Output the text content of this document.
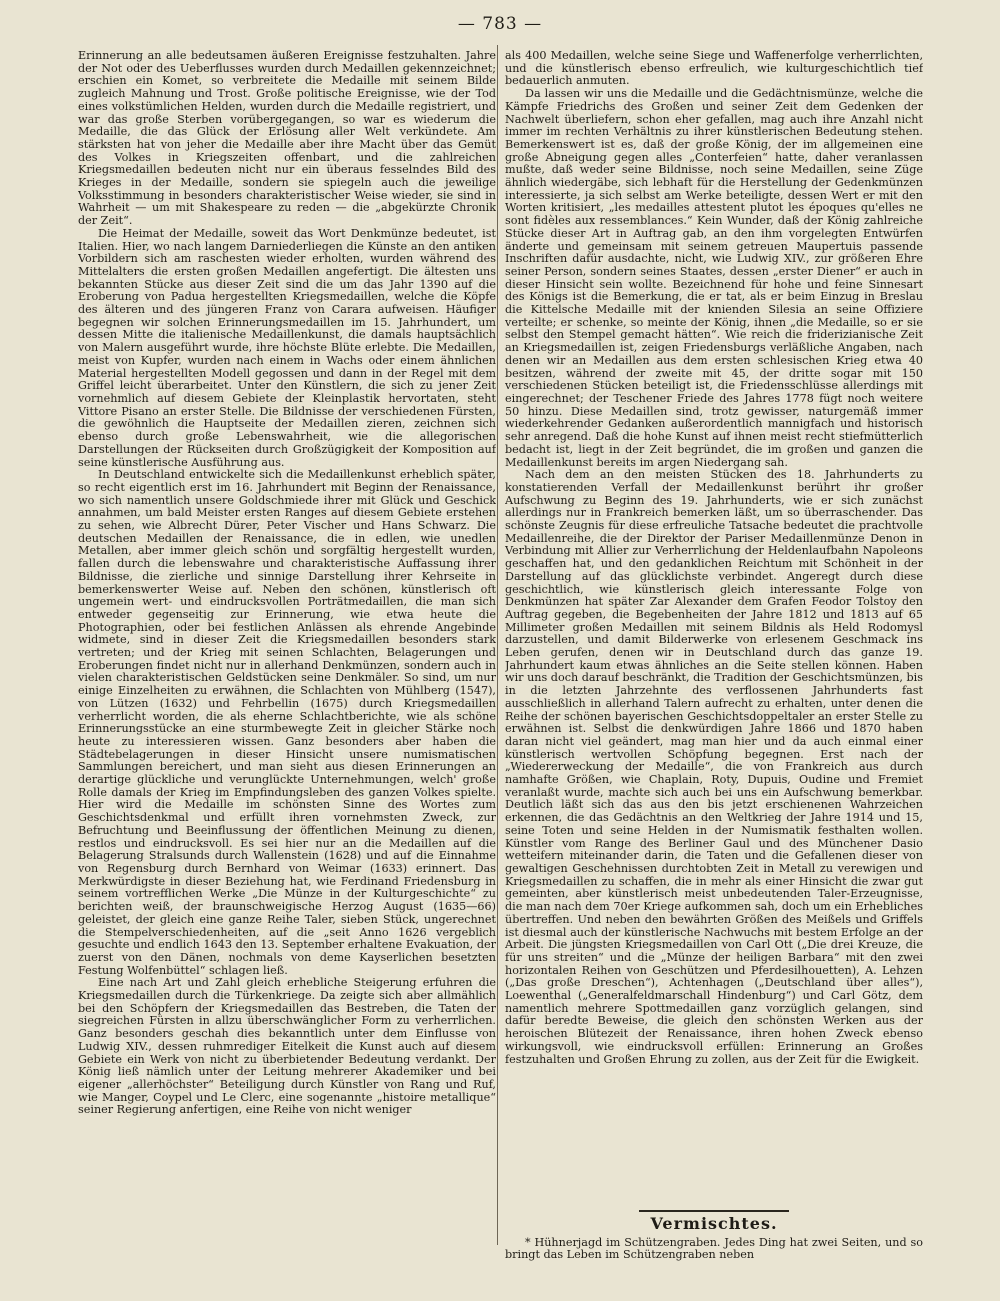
— 783 —

Erinnerung an alle bedeutsamen äußeren Ereignisse festzuhalten. Jahre der Not oder des Ueberflusses wurden durch Medaillen gekennzeichnet; erschien ein Komet, so verbreitete die Medaille mit seinem Bilde zugleich Mahnung und Trost. Große politische Ereignisse, wie der Tod eines volkstümlichen Helden, wurden durch die Medaille registriert, und war das große Sterben vorübergegangen, so war es wiederum die Medaille, die das Glück der Erlösung aller Welt verkündete. Am stärksten hat von jeher die Medaille aber ihre Macht über das Gemüt des Volkes in Kriegszeiten offenbart, und die zahlreichen Kriegsmedaillen bedeuten nicht nur ein überaus fesselndes Bild des Krieges in der Medaille, sondern sie spiegeln auch die jeweilige Volksstimmung in besonders charakteristischer Weise wieder, sie sind in Wahrheit — um mit Shakespeare zu reden — die „abgekürzte Chronik der Zeit“.

Die Heimat der Medaille, soweit das Wort Denkmünze bedeutet, ist Italien. Hier, wo nach langem Darniederliegen die Künste an den antiken Vorbildern sich am raschesten wieder erholten, wurden während des Mittelalters die ersten großen Medaillen angefertigt. Die ältesten uns bekannten Stücke aus dieser Zeit sind die um das Jahr 1390 auf die Eroberung von Padua hergestellten Kriegsmedaillen, welche die Köpfe des älteren und des jüngeren Franz von Carara aufweisen. Häufiger begegnen wir solchen Erinnerungsmedaillen im 15. Jahrhundert, um dessen Mitte die italienische Medaillenkunst, die damals hauptsächlich von Malern ausgeführt wurde, ihre höchste Blüte erlebte. Die Medaillen, meist von Kupfer, wurden nach einem in Wachs oder einem ähnlichen Material hergestellten Modell gegossen und dann in der Regel mit dem Griffel leicht überarbeitet. Unter den Künstlern, die sich zu jener Zeit vornehmlich auf diesem Gebiete der Kleinplastik hervortaten, steht Vittore Pisano an erster Stelle. Die Bildnisse der verschiedenen Fürsten, die gewöhnlich die Hauptseite der Medaillen zieren, zeichnen sich ebenso durch große Lebenswahrheit, wie die allegorischen Darstellungen der Rückseiten durch Großzügigkeit der Komposition auf seine künstlerische Ausführung aus.

In Deutschland entwickelte sich die Medaillenkunst erheblich später, so recht eigentlich erst im 16. Jahrhundert mit Beginn der Renaissance, wo sich namentlich unsere Goldschmiede ihrer mit Glück und Geschick annahmen, um bald Meister ersten Ranges auf diesem Gebiete erstehen zu sehen, wie Albrecht Dürer, Peter Vischer und Hans Schwarz. Die deutschen Medaillen der Renaissance, die in edlen, wie unedlen Metallen, aber immer gleich schön und sorgfältig hergestellt wurden, fallen durch die lebenswahre und charakteristische Auffassung ihrer Bildnisse, die zierliche und sinnige Darstellung ihrer Kehrseite in bemerkenswerter Weise auf. Neben den schönen, künstlerisch oft ungemein wert- und eindrucksvollen Porträtmedaillen, die man sich entweder gegenseitig zur Erinnerung, wie etwa heute die Photographien, oder bei festlichen Anlässen als ehrende Angebinde widmete, sind in dieser Zeit die Kriegsmedaillen besonders stark vertreten; und der Krieg mit seinen Schlachten, Belagerungen und Eroberungen findet nicht nur in allerhand Denkmünzen, sondern auch in vielen charakteristischen Geldstücken seine Denkmäler. So sind, um nur einige Einzelheiten zu erwähnen, die Schlachten von Mühlberg (1547), von Lützen (1632) und Fehrbellin (1675) durch Kriegsmedaillen verherrlicht worden, die als eherne Schlachtberichte, wie als schöne Erinnerungsstücke an eine sturmbewegte Zeit in gleicher Stärke noch heute zu interessieren wissen. Ganz besonders aber haben die Städtebelagerungen in dieser Hinsicht unsere numismatischen Sammlungen bereichert, und man sieht aus diesen Erinnerungen an derartige glückliche und verunglückte Unternehmungen, welch' große Rolle damals der Krieg im Empfindungsleben des ganzen Volkes spielte. Hier wird die Medaille im schönsten Sinne des Wortes zum Geschichtsdenkmal und erfüllt ihren vornehmsten Zweck, zur Befruchtung und Beeinflussung der öffentlichen Meinung zu dienen, restlos und eindrucksvoll. Es sei hier nur an die Medaillen auf die Belagerung Stralsunds durch Wallenstein (1628) und auf die Einnahme von Regensburg durch Bernhard von Weimar (1633) erinnert. Das Merkwürdigste in dieser Beziehung hat, wie Ferdinand Friedensburg in seinem vortrefflichen Werke „Die Münze in der Kulturgeschichte“ zu berichten weiß, der braunschweigische Herzog August (1635—66) geleistet, der gleich eine ganze Reihe Taler, sieben Stück, ungerechnet die Stempelverschiedenheiten, auf die „seit Anno 1626 vergeblich gesuchte und endlich 1643 den 13. September erhaltene Evakuation, der zuerst von den Dänen, nochmals von deme Kayserlichen besetzten Festung Wolfenbüttel“ schlagen ließ.

Eine nach Art und Zahl gleich erhebliche Steigerung erfuhren die Kriegsmedaillen durch die Türkenkriege. Da zeigte sich aber allmählich bei den Schöpfern der Kriegsmedaillen das Bestreben, die Taten der siegreichen Fürsten in allzu überschwänglicher Form zu verherrlichen. Ganz besonders geschah dies bekanntlich unter dem Einflusse von Ludwig XIV., dessen ruhmrediger Eitelkeit die Kunst auch auf diesem Gebiete ein Werk von nicht zu überbietender Bedeutung verdankt. Der König ließ nämlich unter der Leitung mehrerer Akademiker und bei eigener „allerhöchster“ Beteiligung durch Künstler von Rang und Ruf, wie Manger, Coypel und Le Clerc, eine sogenannte „histoire metallique“ seiner Regierung anfertigen, eine Reihe von nicht weniger

als 400 Medaillen, welche seine Siege und Waffenerfolge verherrlichten, und die künstlerisch ebenso erfreulich, wie kulturgeschichtlich tief bedauerlich anmuten.

Da lassen wir uns die Medaille und die Gedächtnismünze, welche die Kämpfe Friedrichs des Großen und seiner Zeit dem Gedenken der Nachwelt überliefern, schon eher gefallen, mag auch ihre Anzahl nicht immer im rechten Verhältnis zu ihrer künstlerischen Bedeutung stehen. Bemerkenswert ist es, daß der große König, der im allgemeinen eine große Abneigung gegen alles „Conterfeien“ hatte, daher veranlassen mußte, daß weder seine Bildnisse, noch seine Medaillen, seine Züge ähnlich wiedergäbe, sich lebhaft für die Herstellung der Gedenkmünzen interessierte, ja sich selbst am Werke beteiligte, dessen Wert er mit den Worten kritisiert, „les medailles attestent plutot les époques qu'elles ne sont fidèles aux ressemblances.“ Kein Wunder, daß der König zahlreiche Stücke dieser Art in Auftrag gab, an den ihm vorgelegten Entwürfen änderte und gemeinsam mit seinem getreuen Maupertuis passende Inschriften dafür ausdachte, nicht, wie Ludwig XIV., zur größeren Ehre seiner Person, sondern seines Staates, dessen „erster Diener“ er auch in dieser Hinsicht sein wollte. Bezeichnend für hohe und feine Sinnesart des Königs ist die Bemerkung, die er tat, als er beim Einzug in Breslau die Kittelsche Medaille mit der knienden Silesia an seine Offiziere verteilte; er schenke, so meinte der König, ihnen „die Medaille, so er sie selbst den Stempel gemacht hätten“. Wie reich die friderizianische Zeit an Kriegsmedaillen ist, zeigen Friedensburgs verläßliche Angaben, nach denen wir an Medaillen aus dem ersten schlesischen Krieg etwa 40 besitzen, während der zweite mit 45, der dritte sogar mit 150 verschiedenen Stücken beteiligt ist, die Friedensschlüsse allerdings mit eingerechnet; der Teschener Friede des Jahres 1778 fügt noch weitere 50 hinzu. Diese Medaillen sind, trotz gewisser, naturgemäß immer wiederkehrender Gedanken außerordentlich mannigfach und historisch sehr anregend. Daß die hohe Kunst auf ihnen meist recht stiefmütterlich bedacht ist, liegt in der Zeit begründet, die im großen und ganzen die Medaillenkunst bereits im argen Niedergang sah.

Nach dem an den meisten Stücken des 18. Jahrhunderts zu konstatierenden Verfall der Medaillenkunst berührt ihr großer Aufschwung zu Beginn des 19. Jahrhunderts, wie er sich zunächst allerdings nur in Frankreich bemerken läßt, um so überraschender. Das schönste Zeugnis für diese erfreuliche Tatsache bedeutet die prachtvolle Medaillenreihe, die der Direktor der Pariser Medaillenmünze Denon in Verbindung mit Allier zur Verherrlichung der Heldenlaufbahn Napoleons geschaffen hat, und den gedanklichen Reichtum mit Schönheit in der Darstellung auf das glücklichste verbindet. Angeregt durch diese geschichtlich, wie künstlerisch gleich interessante Folge von Denkmünzen hat später Zar Alexander dem Grafen Feodor Tolstoy den Auftrag gegeben, die Begebenheiten der Jahre 1812 und 1813 auf 65 Millimeter großen Medaillen mit seinem Bildnis als Held Rodomysl darzustellen, und damit Bilderwerke von erlesenem Geschmack ins Leben gerufen, denen wir in Deutschland durch das ganze 19. Jahrhundert kaum etwas ähnliches an die Seite stellen können. Haben wir uns doch darauf beschränkt, die Tradition der Geschichtsmünzen, bis in die letzten Jahrzehnte des verflossenen Jahrhunderts fast ausschließlich in allerhand Talern aufrecht zu erhalten, unter denen die Reihe der schönen bayerischen Geschichtsdoppeltaler an erster Stelle zu erwähnen ist. Selbst die denkwürdigen Jahre 1866 und 1870 haben daran nicht viel geändert, mag man hier und da auch einmal einer künstlerisch wertvollen Schöpfung begegnen. Erst nach der „Wiedererweckung der Medaille“, die von Frankreich aus durch namhafte Größen, wie Chaplain, Roty, Dupuis, Oudine und Fremiet veranlaßt wurde, machte sich auch bei uns ein Aufschwung bemerkbar. Deutlich läßt sich das aus den bis jetzt erschienenen Wahrzeichen erkennen, die das Gedächtnis an den Weltkrieg der Jahre 1914 und 15, seine Toten und seine Helden in der Numismatik festhalten wollen. Künstler vom Range des Berliner Gaul und des Münchener Dasio wetteifern miteinander darin, die Taten und die Gefallenen dieser von gewaltigen Geschehnissen durchtobten Zeit in Metall zu verewigen und Kriegsmedaillen zu schaffen, die in mehr als einer Hinsicht die zwar gut gemeinten, aber künstlerisch meist unbedeutenden Taler-Erzeugnisse, die man nach dem 70er Kriege aufkommen sah, doch um ein Erhebliches übertreffen. Und neben den bewährten Größen des Meißels und Griffels ist diesmal auch der künstlerische Nachwuchs mit bestem Erfolge an der Arbeit. Die jüngsten Kriegsmedaillen von Carl Ott („Die drei Kreuze, die für uns streiten“ und die „Münze der heiligen Barbara“ mit den zwei horizontalen Reihen von Geschützen und Pferdesilhouetten), A. Lehzen („Das große Dreschen“), Achtenhagen („Deutschland über alles“), Loewenthal („Generalfeldmarschall Hindenburg“) und Carl Götz, dem namentlich mehrere Spottmedaillen ganz vorzüglich gelangen, sind dafür beredte Beweise, die gleich den schönsten Werken aus der heroischen Blütezeit der Renaissance, ihren hohen Zweck ebenso wirkungsvoll, wie eindrucksvoll erfüllen: Erinnerung an Großes festzuhalten und Großen Ehrung zu zollen, aus der Zeit für die Ewigkeit.

Vermischtes.

* Hühnerjagd im Schützengraben. Jedes Ding hat zwei Seiten, und so bringt das Leben im Schützengraben neben
